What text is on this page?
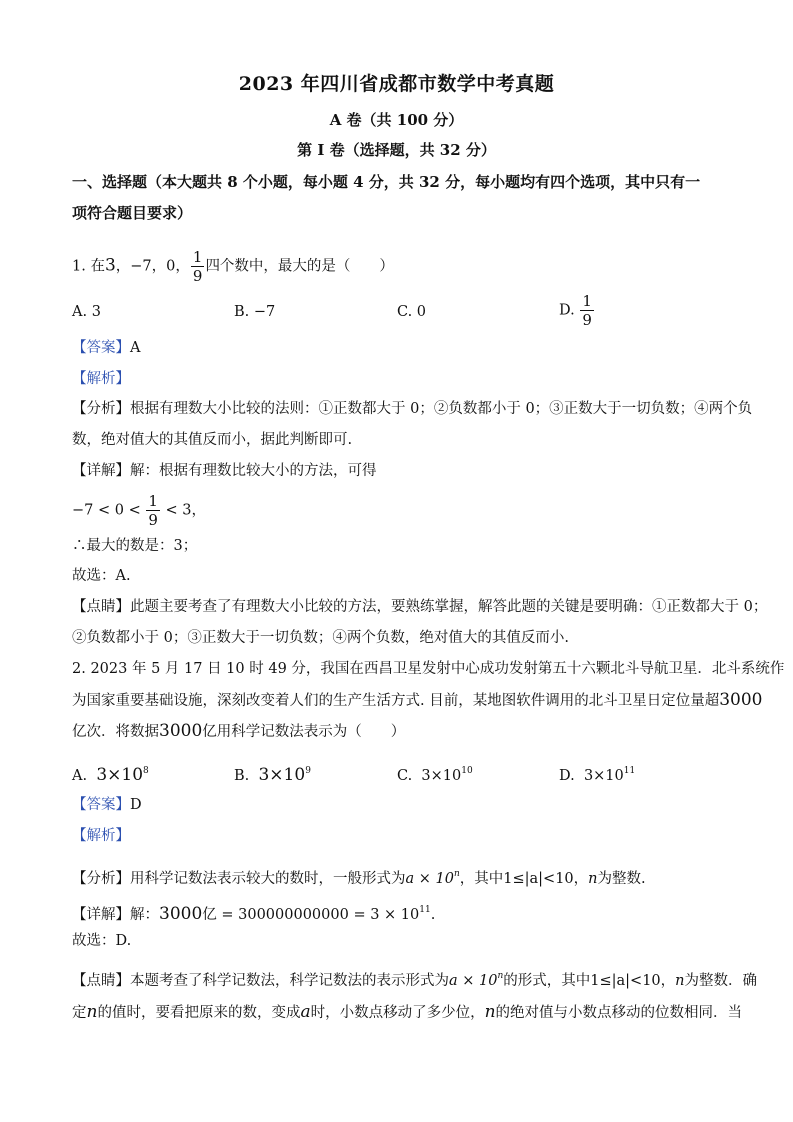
2023 年四川省成都市数学中考真题
A 卷（共 100 分）
第 I 卷（选择题，共 32 分）
一、选择题（本大题共 8 个小题，每小题 4 分，共 32 分，每小题均有四个选项，其中只有一
项符合题目要求）
1. 在3，−7，0， $\frac{1}{9}$ 四个数中，最大的是（　　）
A. 3	B. −7	C. 0	D. $\frac{1}{9}$
【答案】A
【解析】
【分析】根据有理数大小比较的法则：①正数都大于 0；②负数都小于 0；③正数大于一切负数；④两个负
数，绝对值大的其值反而小，据此判断即可.
【详解】解：根据有理数比较大小的方法，可得
$-7 < 0 < \frac{1}{9} < 3$，
∴最大的数是：3；
故选：A.
【点睛】此题主要考查了有理数大小比较的方法，要熟练掌握，解答此题的关键是要明确：①正数都大于 0；
②负数都小于 0；③正数大于一切负数；④两个负数，绝对值大的其值反而小.
2. 2023 年 5 月 17 日 10 时 49 分，我国在西昌卫星发射中心成功发射第五十六颗北斗导航卫星．北斗系统作
为国家重要基础设施，深刻改变着人们的生产生活方式. 目前，某地图软件调用的北斗卫星日定位量超3000
亿次．将数据3000亿用科学记数法表示为（　　）
A. $3\times 10^8$	B. $3\times 10^9$	C. $3\times 10^{10}$	D. $3\times 10^{11}$
【答案】D
【解析】
【分析】用科学记数法表示较大的数时，一般形式为$a \times 10^n$，其中1≤|a|<10，n为整数.
【详解】解：3000亿 = $300000000000 = 3 \times 10^{11}$.
故选：D.
【点睛】本题考查了科学记数法，科学记数法的表示形式为$a \times 10^n$的形式，其中1≤|a|<10，n为整数．确
定n的值时，要看把原来的数，变成a时，小数点移动了多少位，n的绝对值与小数点移动的位数相同．当
